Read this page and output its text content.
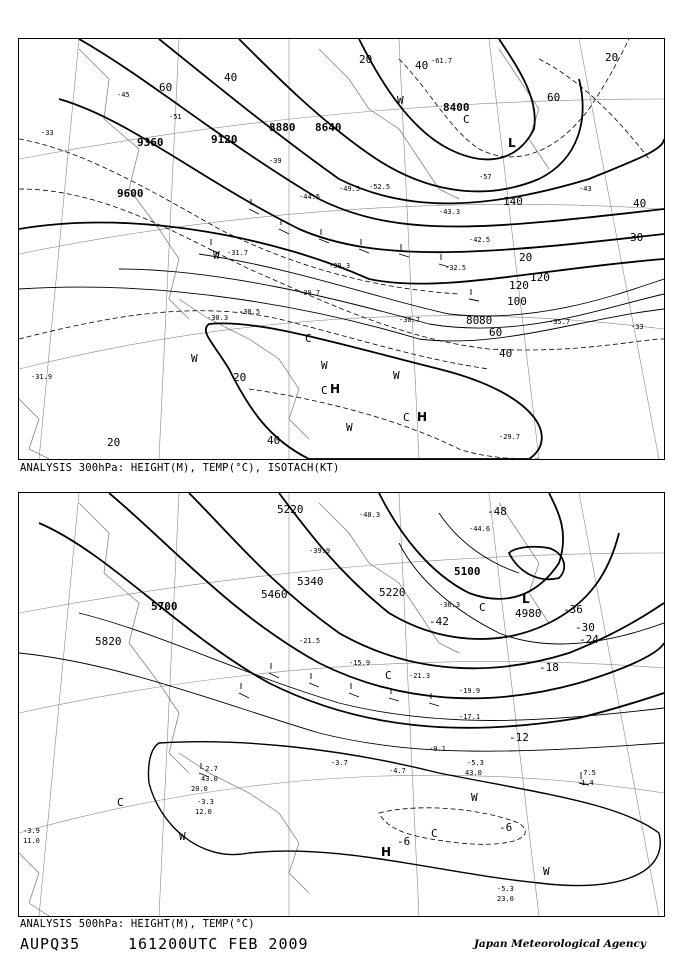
9600
9360	9120
8880 8640
8400
20
40
60
80
100
120
140	40
20
40
60
40
20
20	40
20
60
80
120
30
W
W
W
C
C H
C H
W
L
C
W
W
-33
-45
-51
-61.7
-39
-44.5
-49.5 -52.5
-43.3
-42.5
-31.7
-30.5
-30.7
-32.5
-39.3
-30.7	-35.7
-30.3
-29.7
-43
-57
-33
-31.9
ANALYSIS 300hPa: HEIGHT(M), TEMP(°C), ISOTACH(KT)
5820
5700
5460
5340
5220
5220
5100
4980
-48
-42
-36
-30
-24
-18
-12
-6
-6
C
W
C
C
H
W
W
C
L
-40.3
-39.9
-44.6
-36.3
-21.5
-15.9
-21.3
-19.9
-17.1
-9.1
-3.7
-4.7
-5.3
43.0	-7.5
1.4
-5.3
23.0
-2.7
43.0
20.0
-3.3
12.0
-3.9
11.0
ANALYSIS 500hPa: HEIGHT(M), TEMP(°C)
AUPQ35	161200UTC FEB 2009	Japan Meteorological Agency
